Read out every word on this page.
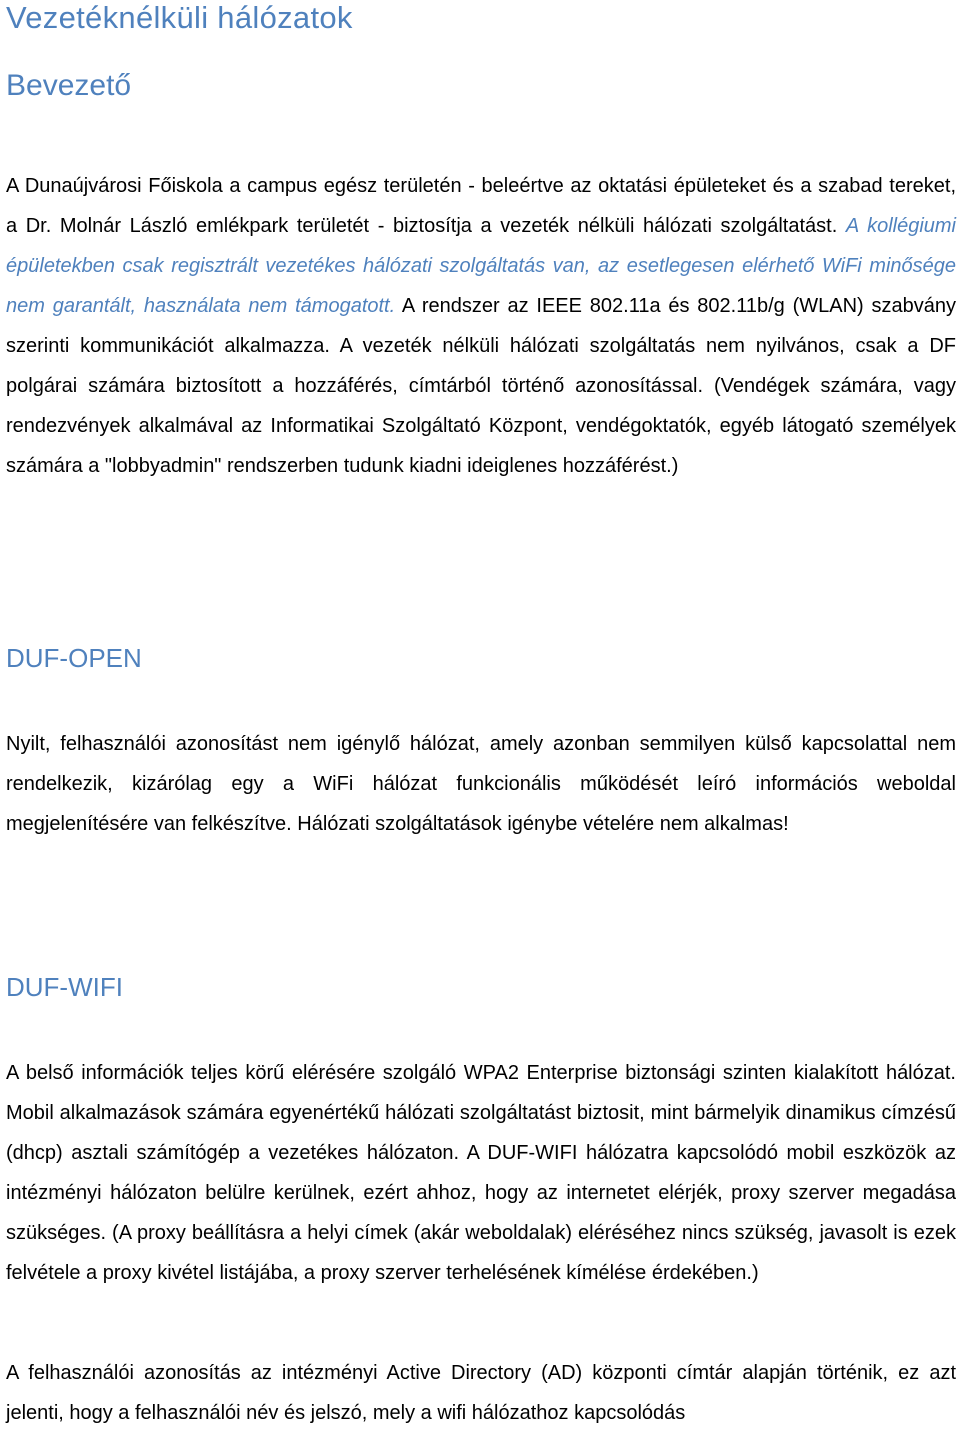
Vezetéknélküli hálózatok
Bevezető

A Dunaújvárosi Főiskola a campus egész területén - beleértve az oktatási épületeket és a szabad tereket, a Dr. Molnár László emlékpark területét - biztosítja a vezeték nélküli hálózati szolgáltatást. A kollégiumi épületekben csak regisztrált vezetékes hálózati szolgáltatás van, az esetlegesen elérhető WiFi minősége nem garantált, használata nem támogatott. A rendszer az IEEE 802.11a és 802.11b/g (WLAN) szabvány szerinti kommunikációt alkalmazza. A vezeték nélküli hálózati szolgáltatás nem nyilvános, csak a DF polgárai számára biztosított a hozzáférés, címtárból történő azonosítással. (Vendégek számára, vagy rendezvények alkalmával az Informatikai Szolgáltató Központ, vendégoktatók, egyéb látogató személyek számára a "lobbyadmin" rendszerben tudunk kiadni ideiglenes hozzáférést.)

DUF-OPEN

Nyilt, felhasználói azonosítást nem igénylő hálózat, amely azonban semmilyen külső kapcsolattal nem rendelkezik, kizárólag egy a WiFi hálózat funkcionális működését leíró információs weboldal megjelenítésére van felkészítve. Hálózati szolgáltatások igénybe vételére nem alkalmas!

DUF-WIFI

A belső információk teljes körű elérésére szolgáló WPA2 Enterprise biztonsági szinten kialakított hálózat. Mobil alkalmazások számára egyenértékű hálózati szolgáltatást biztosit, mint bármelyik dinamikus címzésű (dhcp) asztali számítógép a vezetékes hálózaton. A DUF-WIFI hálózatra kapcsolódó mobil eszközök az intézményi hálózaton belülre kerülnek, ezért ahhoz, hogy az internetet elérjék, proxy szerver megadása szükséges. (A proxy beállításra a helyi címek (akár weboldalak) eléréséhez nincs szükség, javasolt is ezek felvétele a proxy kivétel listájába, a proxy szerver terhelésének kímélése érdekében.)

A felhasználói azonosítás az intézményi Active Directory (AD) központi címtár alapján történik, ez azt jelenti, hogy a felhasználói név és jelszó, mely a wifi hálózathoz kapcsolódás
